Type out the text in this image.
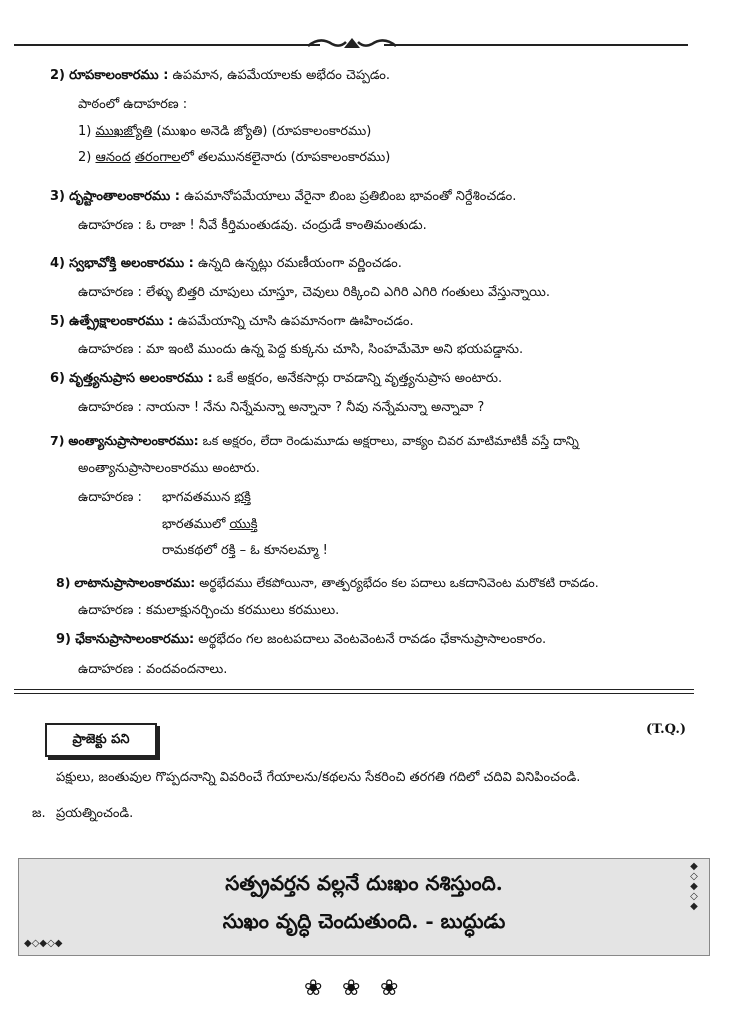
2) రూపకాలంకారము : ఉపమాన, ఉపమేయాలకు అభేదం చెప్పడం.
పాఠంలో ఉదాహరణ :
1) ముఖజ్యోతి (ముఖం అనెడి జ్యోతి) (రూపకాలంకారము)
2) ఆనంద తరంగాలలో తలమునకలైనారు (రూపకాలంకారము)
3) దృష్టాంతాలంకారము : ఉపమానోపమేయాలు వేరైనా బింబ ప్రతిబింబ భావంతో నిర్దేశించడం.
ఉదాహరణ : ఓ రాజా ! నీవే కీర్తిమంతుడవు. చంద్రుడే కాంతిమంతుడు.
4) స్వభావోక్తి అలంకారము : ఉన్నది ఉన్నట్లు రమణీయంగా వర్ణించడం.
ఉదాహరణ : లేళ్ళు బిత్తరి చూపులు చూస్తూ, చెవులు రిక్కించి ఎగిరి ఎగిరి గంతులు వేస్తున్నాయి.
5) ఉత్ప్రేక్షాలంకారము : ఉపమేయాన్ని చూసి ఉపమానంగా ఊహించడం.
ఉదాహరణ : మా ఇంటి ముందు ఉన్న పెద్ద కుక్కను చూసి, సింహమేమో అని భయపడ్డాను.
6) వృత్త్యనుప్రాస అలంకారము : ఒకే అక్షరం, అనేకసార్లు రావడాన్ని వృత్త్యనుప్రాస అంటారు.
ఉదాహరణ : నాయనా ! నేను నిన్నేమన్నా అన్నానా ? నీవు నన్నేమన్నా అన్నావా ?
7) అంత్యానుప్రాసాలంకారము: ఒక అక్షరం, లేదా రెండుమూడు అక్షరాలు, వాక్యం చివర మాటిమాటికీ వస్తే దాన్ని
అంత్యానుప్రాసాలంకారము అంటారు.
ఉదాహరణ : భాగవతమున భక్తి
భారతములో యుక్తి
రామకథలో రక్తి – ఓ కూనలమ్మా !
8) లాటానుప్రాసాలంకారము: అర్థభేదము లేకపోయినా, తాత్పర్యభేదం కల పదాలు ఒకదానివెంట మరొకటి రావడం.
ఉదాహరణ : కమలాక్షునర్చించు కరములు కరములు.
9) ఛేకానుప్రాసాలంకారము: అర్థభేదం గల జంటపదాలు వెంటవెంటనే రావడం ఛేకానుప్రాసాలంకారం.
ఉదాహరణ : వందవందనాలు.
ప్రాజెక్టు పని
(T.Q.)
పక్షులు, జంతువుల గొప్పదనాన్ని వివరించే గేయాలను/కథలను సేకరించి తరగతి గదిలో చదివి వినిపించండి.
జ. ప్రయత్నించండి.
సత్ప్రవర్తన వల్లనే దుఃఖం నశిస్తుంది.
సుఖం వృద్ధి చెందుతుంది. - బుద్ధుడు
◆
◇
◆
◇
◆
◆◇◆◇◆
❀ ❀ ❀
